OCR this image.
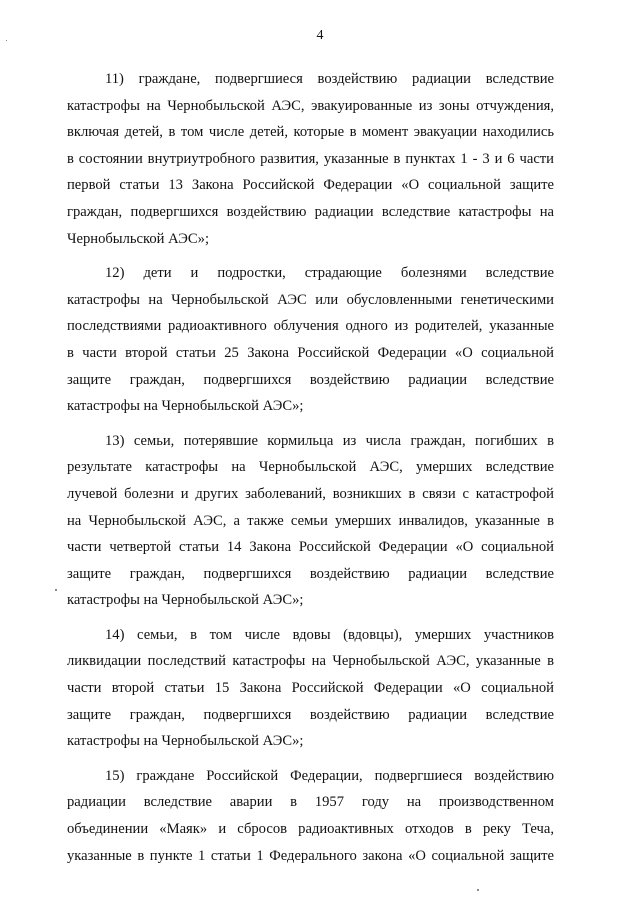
4
11) граждане, подвергшиеся воздействию радиации вследствие
катастрофы на Чернобыльской АЭС, эвакуированные из зоны отчуждения,
включая детей, в том числе детей, которые в момент эвакуации находились
в состоянии внутриутробного развития, указанные в пунктах 1 - 3 и 6 части
первой статьи 13 Закона Российской Федерации «О социальной защите
граждан, подвергшихся воздействию радиации вследствие катастрофы на
Чернобыльской АЭС»;
12) дети и подростки, страдающие болезнями вследствие
катастрофы на Чернобыльской АЭС или обусловленными генетическими
последствиями радиоактивного облучения одного из родителей, указанные
в части второй статьи 25 Закона Российской Федерации «О социальной
защите граждан, подвергшихся воздействию радиации вследствие
катастрофы на Чернобыльской АЭС»;
13) семьи, потерявшие кормильца из числа граждан, погибших в
результате катастрофы на Чернобыльской АЭС, умерших вследствие
лучевой болезни и других заболеваний, возникших в связи с катастрофой
на Чернобыльской АЭС, а также семьи умерших инвалидов, указанные в
части четвертой статьи 14 Закона Российской Федерации «О социальной
защите граждан, подвергшихся воздействию радиации вследствие
катастрофы на Чернобыльской АЭС»;
14) семьи, в том числе вдовы (вдовцы), умерших участников
ликвидации последствий катастрофы на Чернобыльской АЭС, указанные в
части второй статьи 15 Закона Российской Федерации «О социальной
защите граждан, подвергшихся воздействию радиации вследствие
катастрофы на Чернобыльской АЭС»;
15) граждане Российской Федерации, подвергшиеся воздействию
радиации вследствие аварии в 1957 году на производственном
объединении «Маяк» и сбросов радиоактивных отходов в реку Теча,
указанные в пункте 1 статьи 1 Федерального закона «О социальной защите
